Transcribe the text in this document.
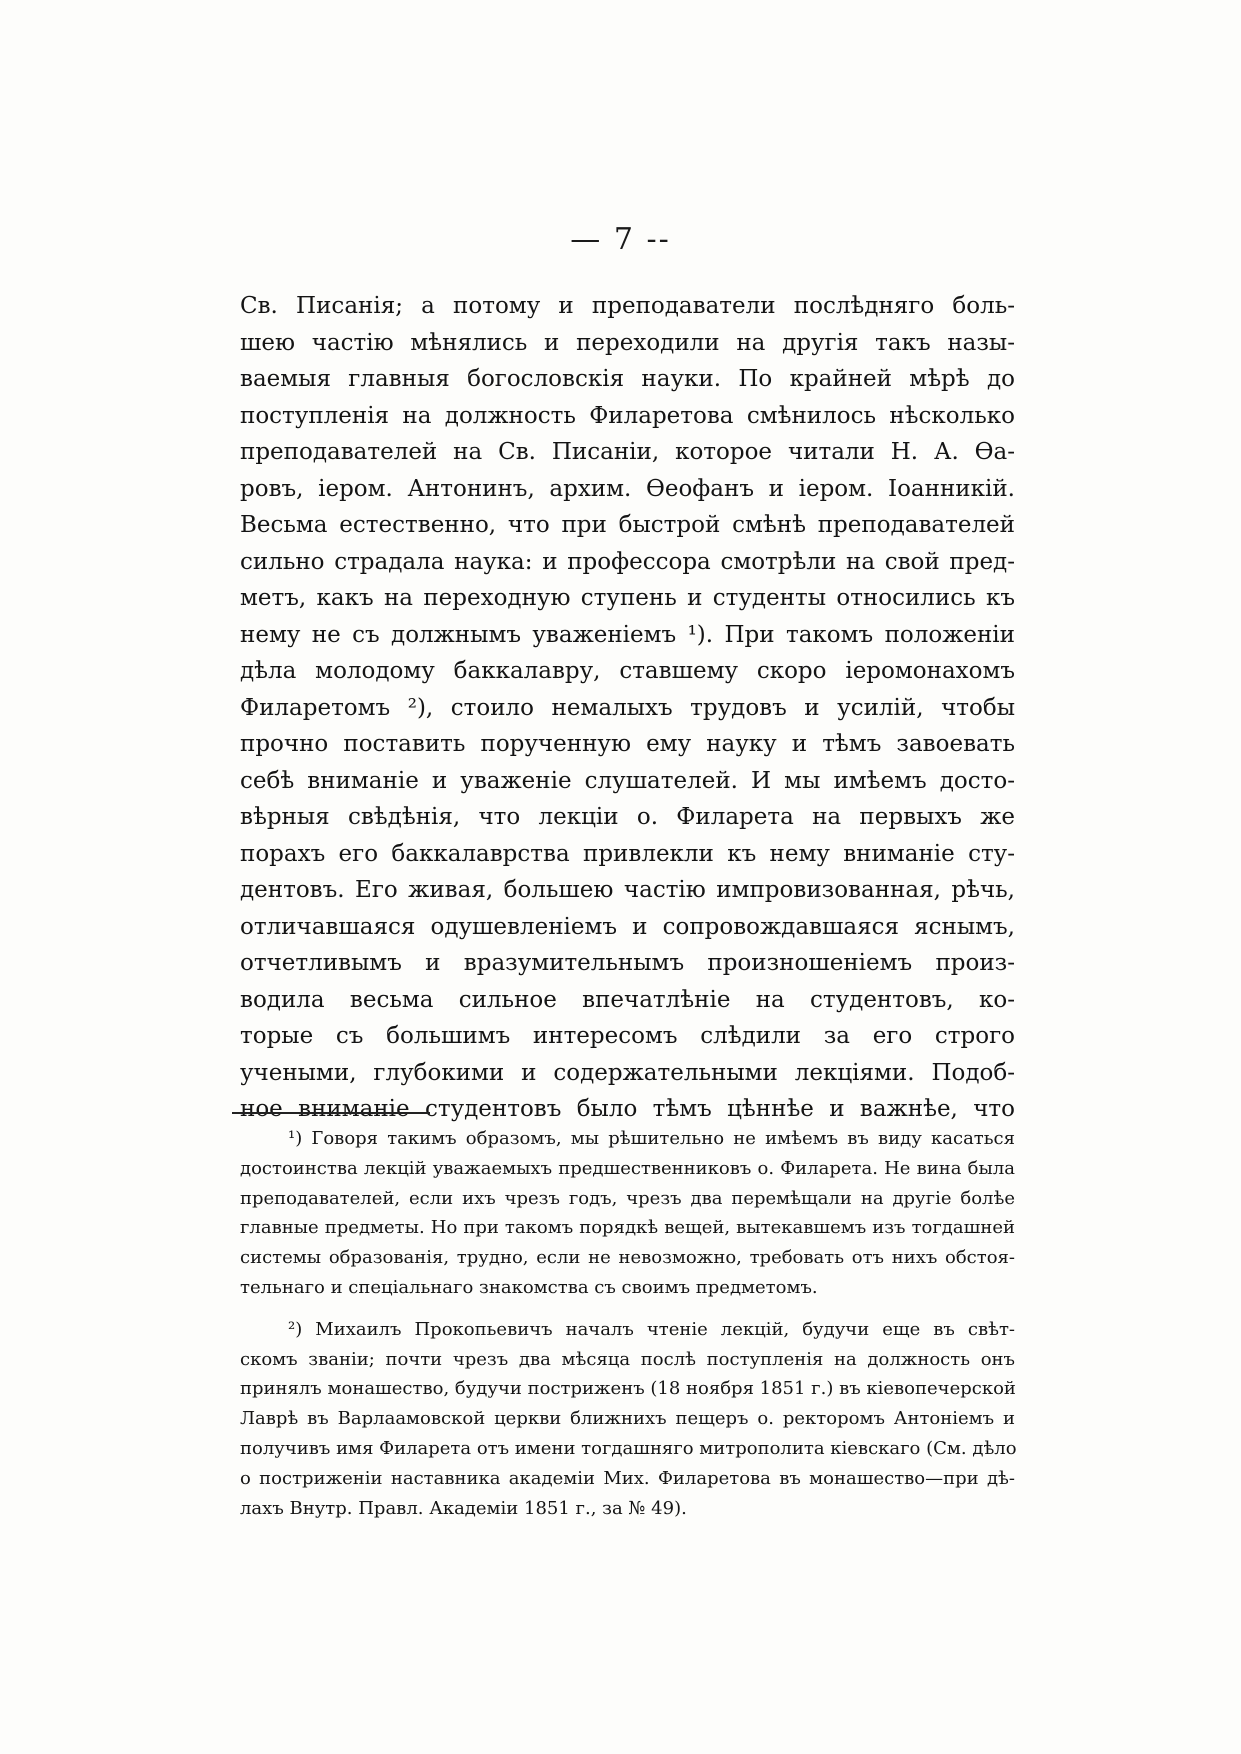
— 7 --
Св. Писанія; а потому и преподаватели послѣдняго боль-
шею частію мѣнялись и переходили на другія такъ назы-
ваемыя главныя богословскія науки. По крайней мѣрѣ до
поступленія на должность Филаретова смѣнилось нѣсколько
преподавателей на Св. Писаніи, которое читали Н. А. Ѳа-
ровъ, іером. Антонинъ, архим. Ѳеофанъ и іером. Іоанникій.
Весьма естественно, что при быстрой смѣнѣ преподавателей
сильно страдала наука: и профессора смотрѣли на свой пред-
метъ, какъ на переходную ступень и студенты относились къ
нему не съ должнымъ уваженіемъ ¹). При такомъ положеніи
дѣла молодому баккалавру, ставшему скоро іеромонахомъ
Филаретомъ ²), стоило немалыхъ трудовъ и усилій, чтобы
прочно поставить порученную ему науку и тѣмъ завоевать
себѣ вниманіе и уваженіе слушателей. И мы имѣемъ досто-
вѣрныя свѣдѣнія, что лекціи о. Филарета на первыхъ же
порахъ его баккалаврства привлекли къ нему вниманіе сту-
дентовъ. Его живая, большею частію импровизованная, рѣчь,
отличавшаяся одушевленіемъ и сопровождавшаяся яснымъ,
отчетливымъ и вразумительнымъ произношеніемъ произ-
водила весьма сильное впечатлѣніе на студентовъ, ко-
торые съ большимъ интересомъ слѣдили за его строго
учеными, глубокими и содержательными лекціями. Подоб-
ное вниманіе студентовъ было тѣмъ цѣннѣе и важнѣе, что
¹) Говоря такимъ образомъ, мы рѣшительно не имѣемъ въ виду касаться
достоинства лекцій уважаемыхъ предшественниковъ о. Филарета. Не вина была
преподавателей, если ихъ чрезъ годъ, чрезъ два перемѣщали на другіе болѣе
главные предметы. Но при такомъ порядкѣ вещей, вытекавшемъ изъ тогдашней
системы образованія, трудно, если не невозможно, требовать отъ нихъ обстоя-
тельнаго и спеціальнаго знакомства съ своимъ предметомъ.
²) Михаилъ Прокопьевичъ началъ чтеніе лекцій, будучи еще въ свѣт-
скомъ званіи; почти чрезъ два мѣсяца послѣ поступленія на должность онъ
принялъ монашество, будучи постриженъ (18 ноября 1851 г.) въ кіевопечерской
Лаврѣ въ Варлаамовской церкви ближнихъ пещеръ о. ректоромъ Антоніемъ и
получивъ имя Филарета отъ имени тогдашняго митрополита кіевскаго (См. дѣло
о постриженіи наставника академіи Мих. Филаретова въ монашество—при дѣ-
лахъ Внутр. Правл. Академіи 1851 г., за № 49).
